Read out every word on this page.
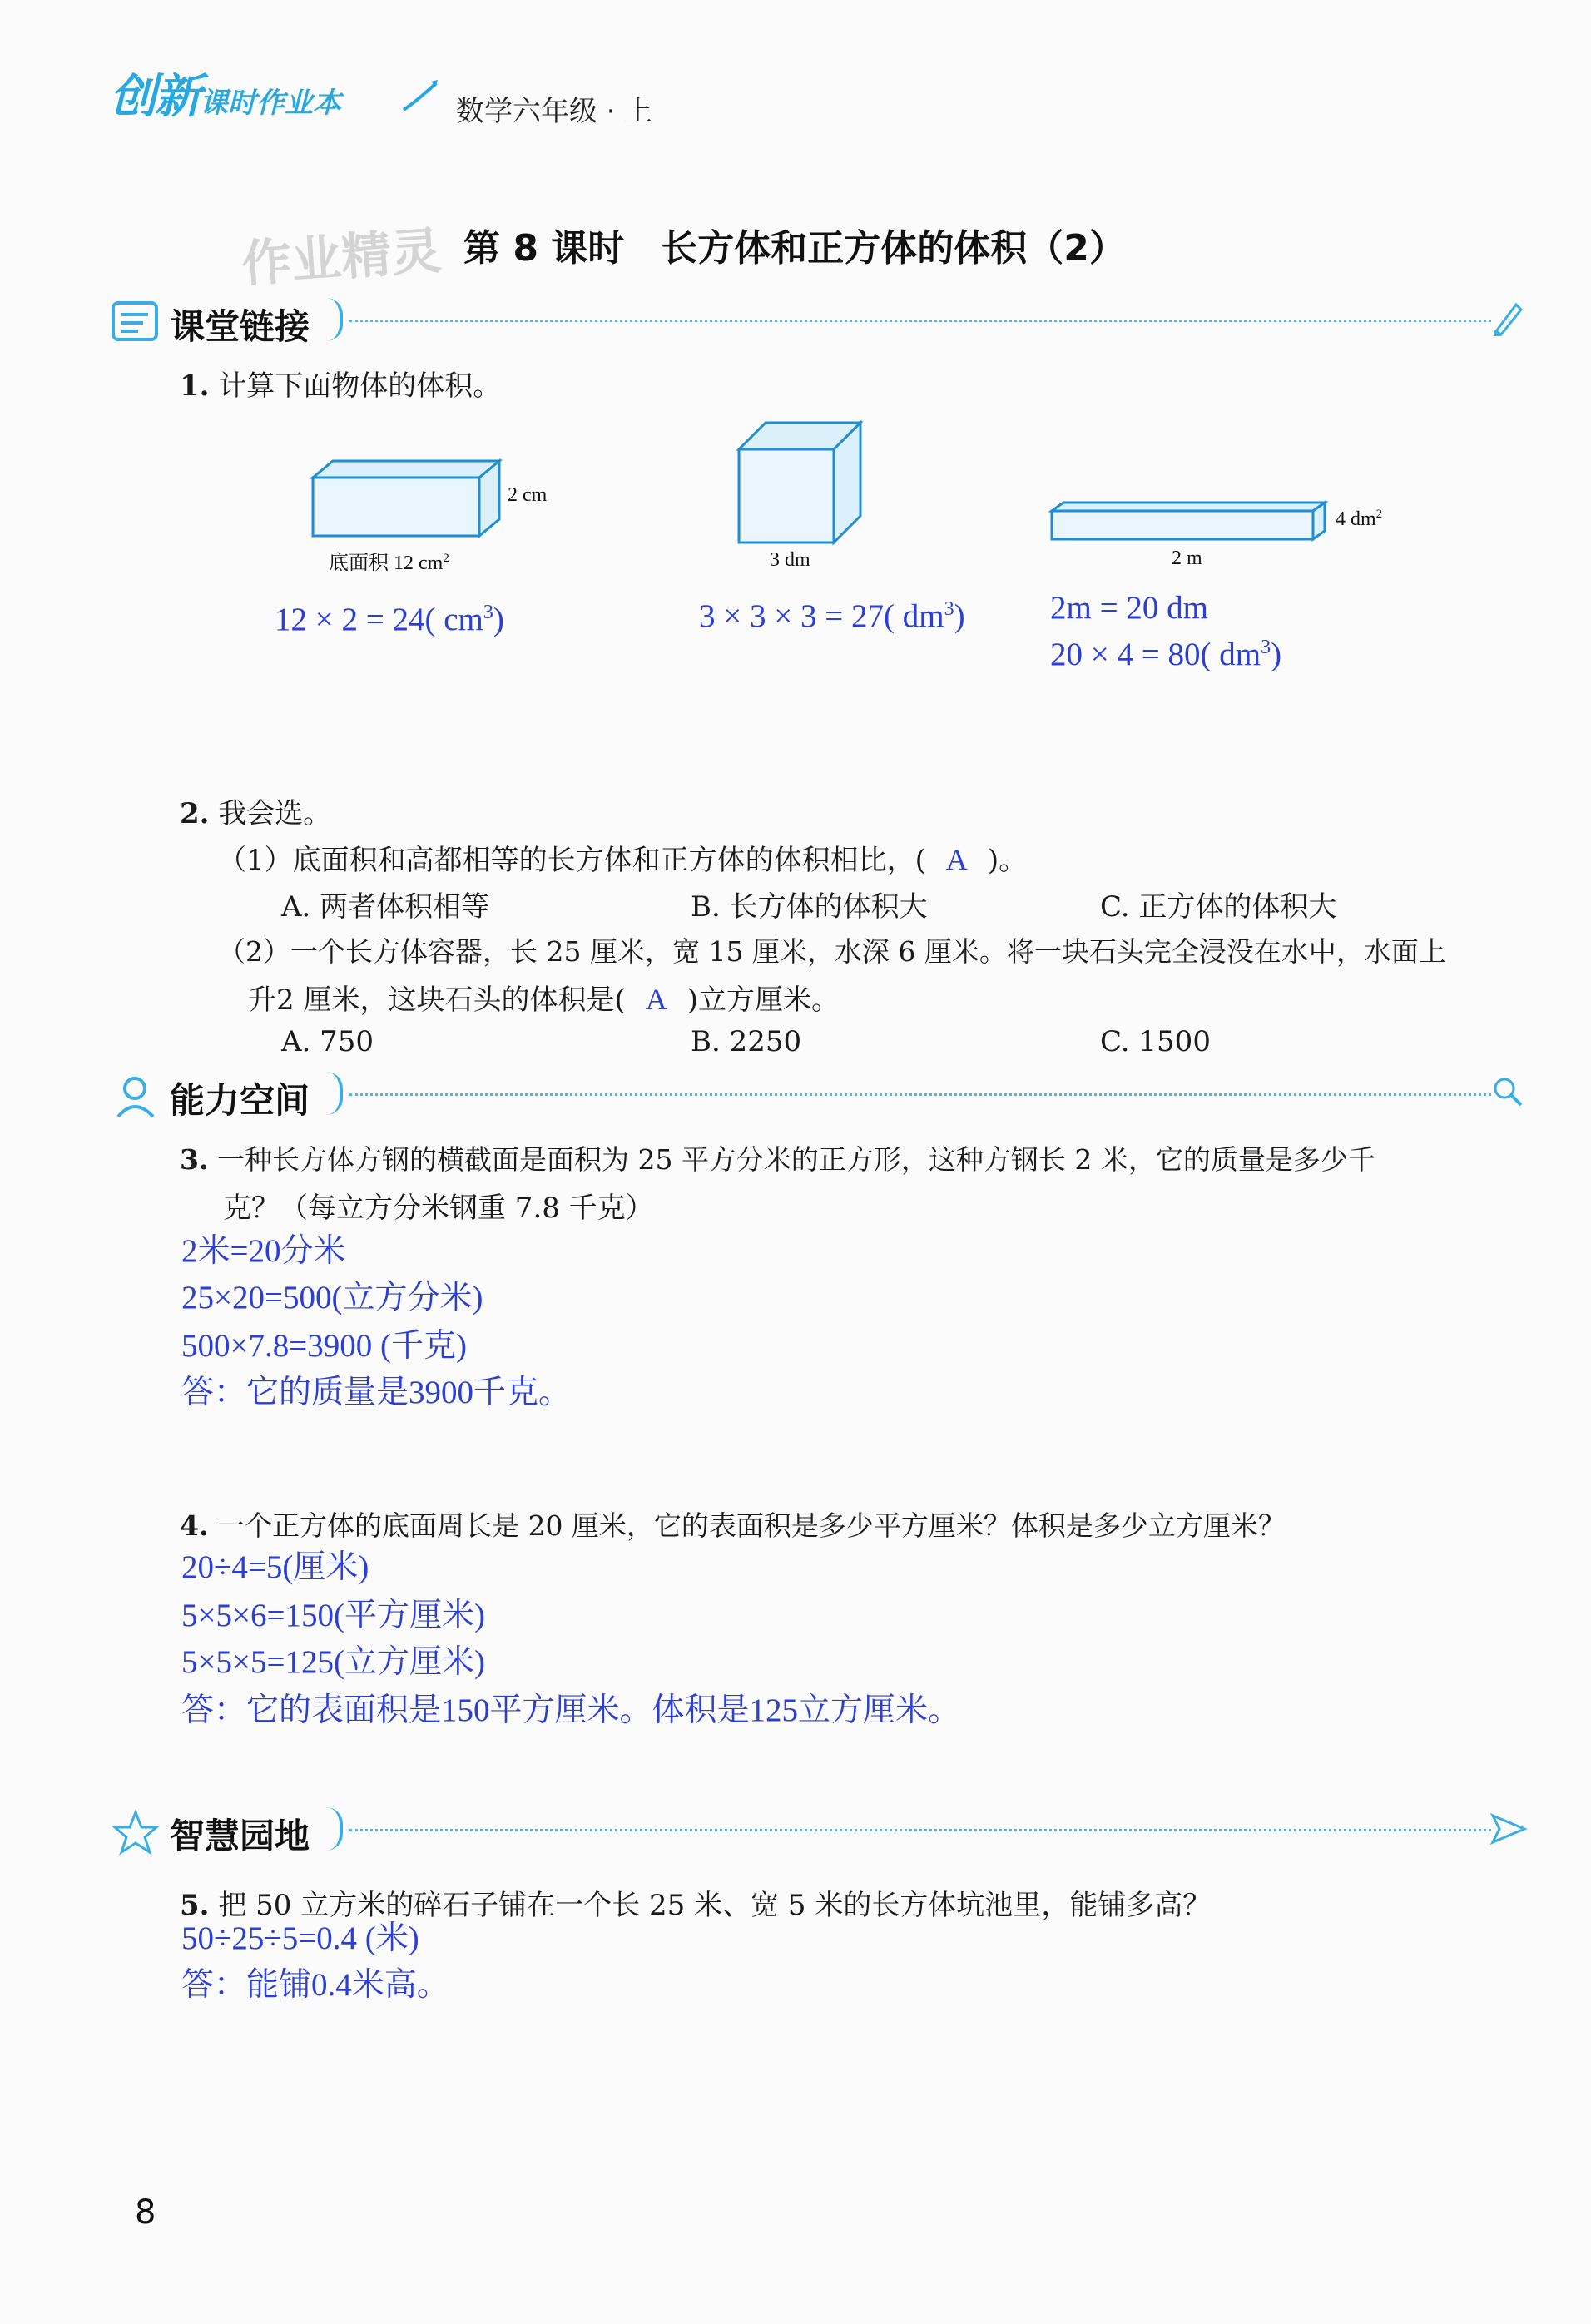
创新课时作业本	数学六年级 · 上
作业精灵 第 8 课时　长方体和正方体的体积（2）
课堂链接
1. 计算下面物体的体积。
2 cm
底面积 12 $cm^2$	3 dm
4 $dm^2$
2 m
12 × 2 = 24( $cm^3$)	3 × 3 × 3 = 27( $dm^3$)	2m = 20 dm
20 × 4 = 80( $dm^3$)
2. 我会选。
（1）底面积和高都相等的长方体和正方体的体积相比，( A )。
A. 两者体积相等	B. 长方体的体积大	C. 正方体的体积大
（2）一个长方体容器，长 25 厘米，宽 15 厘米，水深 6 厘米。将一块石头完全浸没在水中，水面上
升2 厘米，这块石头的体积是( A )立方厘米。
A. 750	B. 2250	C. 1500
能力空间
3. 一种长方体方钢的横截面是面积为 25 平方分米的正方形，这种方钢长 2 米，它的质量是多少千
克？（每立方分米钢重 7.8 千克）
2米=20分米
25×20=500(立方分米)
500×7.8=3900 (千克)
答：它的质量是3900千克。
4. 一个正方体的底面周长是 20 厘米，它的表面积是多少平方厘米？体积是多少立方厘米？
20÷4=5(厘米)
5×5×6=150(平方厘米)
5×5×5=125(立方厘米)
答：它的表面积是150平方厘米。体积是125立方厘米。
智慧园地
5. 把 50 立方米的碎石子铺在一个长 25 米、宽 5 米的长方体坑池里，能铺多高？
50÷25÷5=0.4 (米)
答：能铺0.4米高。
8
